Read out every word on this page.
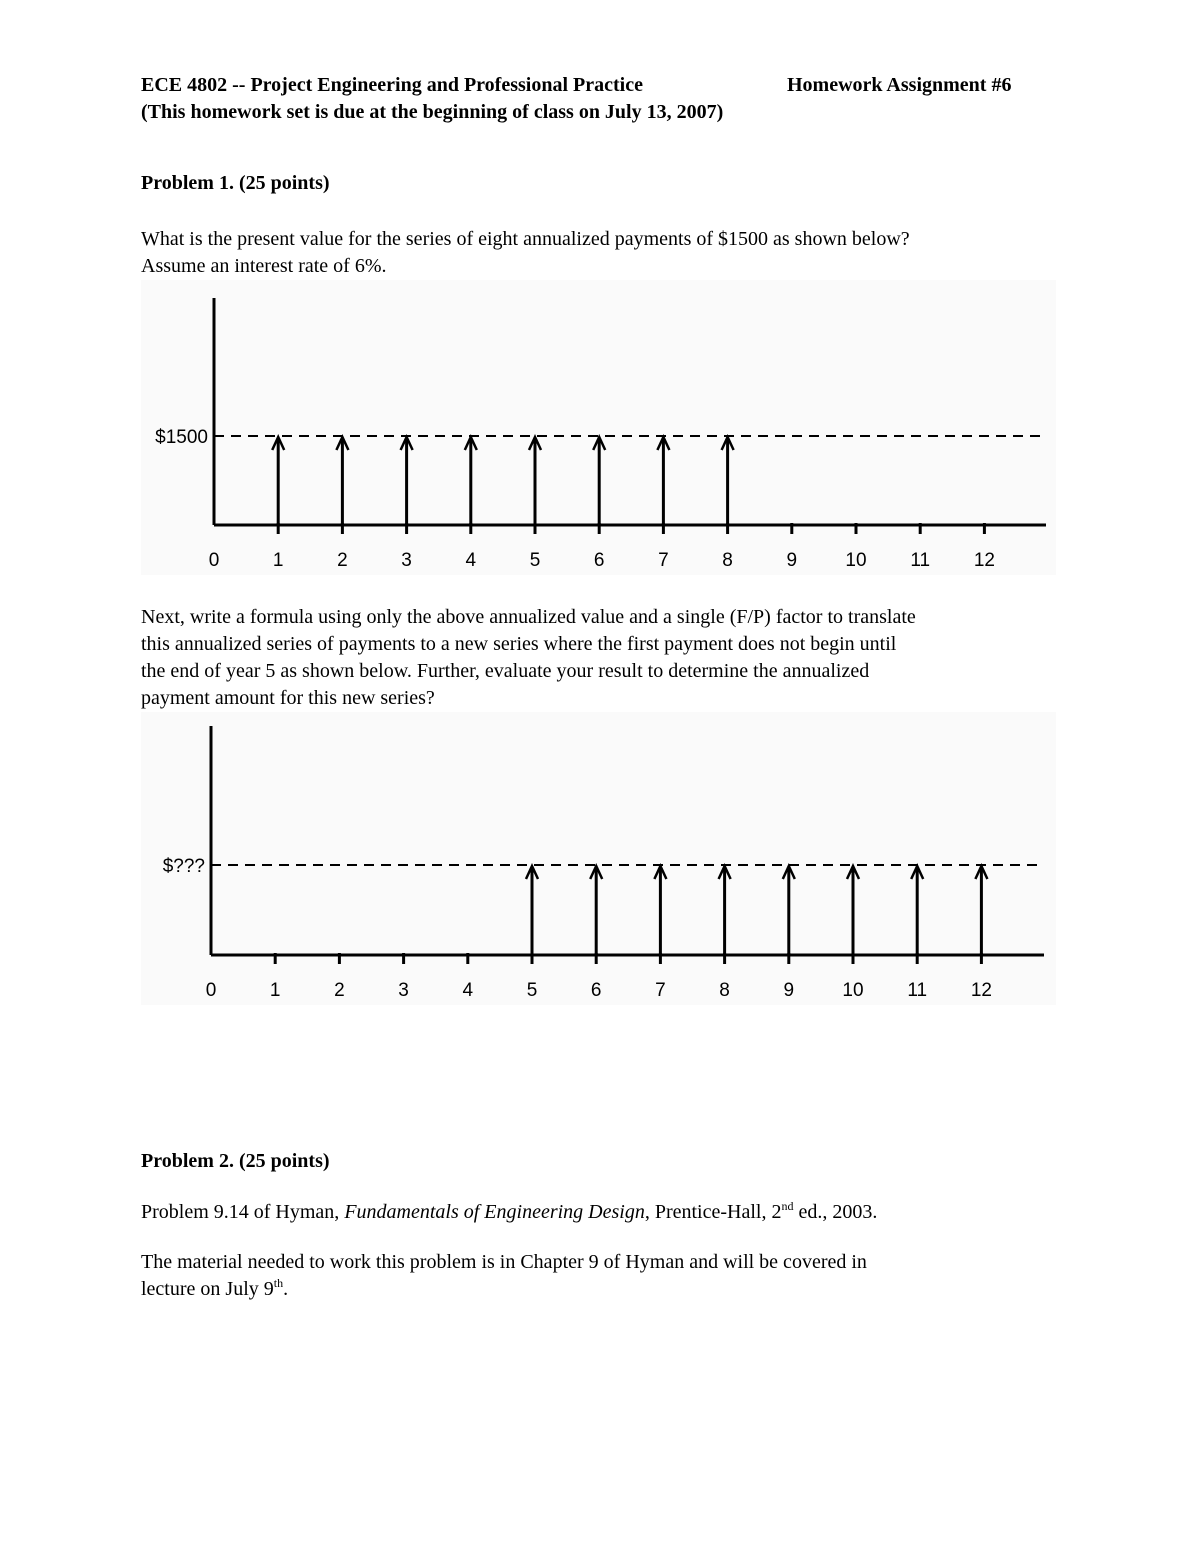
ECE 4802 -- Project Engineering and Professional Practice	Homework Assignment #6
(This homework set is due at the beginning of class on July 13, 2007)
Problem 1. (25 points)
What is the present value for the series of eight annualized payments of $1500 as shown below?
Assume an interest rate of 6%.
$1500
0	1	2	3	4	5	6	7	8	9	10 11 12
Next, write a formula using only the above annualized value and a single (F/P) factor to translate
this annualized series of payments to a new series where the first payment does not begin until
the end of year 5 as shown below. Further, evaluate your result to determine the annualized
payment amount for this new series?
$???
0	1	2	3	4	5	6	7	8	9	10 11 12
Problem 2. (25 points)
Problem 9.14 of Hyman, Fundamentals of Engineering Design, Prentice-Hall, 2nd ed., 2003.
The material needed to work this problem is in Chapter 9 of Hyman and will be covered in
lecture on July 9th.
